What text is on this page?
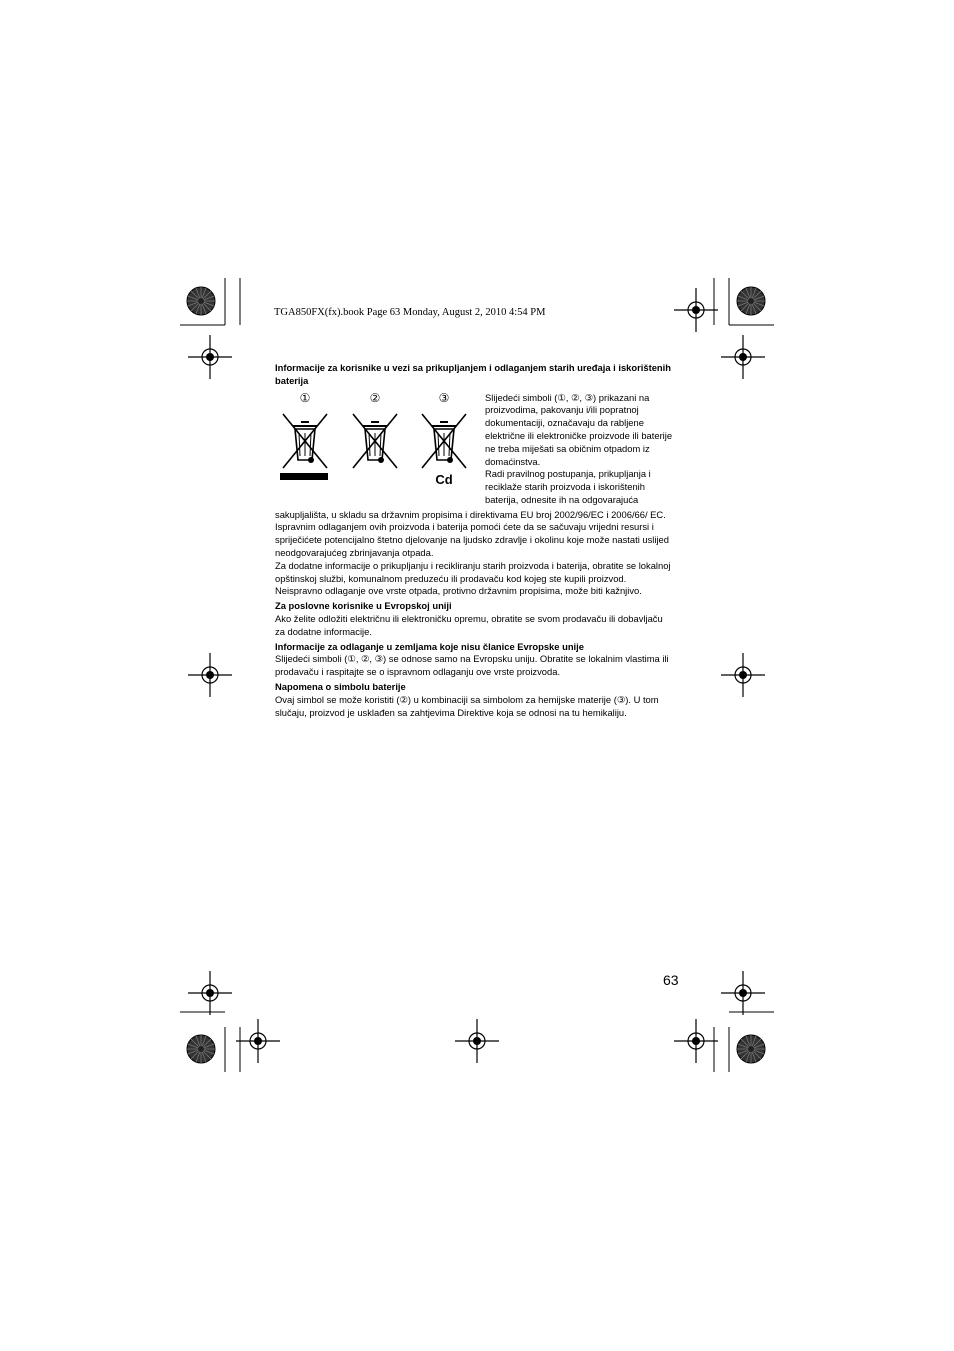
TGA850FX(fx).book Page 63 Monday, August 2, 2010 4:54 PM

Informacije za korisnike u vezi sa prikupljanjem i odlaganjem starih uređaja i iskorištenih baterija

①	②	③
Cd

Slijedeći simboli (①, ②, ③) prikazani na proizvodima, pakovanju i/ili popratnoj dokumentaciji, označavaju da rabljene električne ili elektroničke proizvode ili baterije ne treba miješati sa običnim otpadom iz domaćinstva.

Radi pravilnog postupanja, prikupljanja i reciklaže starih proizvoda i iskorištenih baterija, odnesite ih na odgovarajuća

sakupljališta, u skladu sa državnim propisima i direktivama EU broj 2002/96/EC i 2006/66/ EC.

Ispravnim odlaganjem ovih proizvoda i baterija pomoći ćete da se sačuvaju vrijedni resursi i spriječićete potencijalno štetno djelovanje na ljudsko zdravlje i okolinu koje može nastati uslijed neodgovarajućeg zbrinjavanja otpada.

Za dodatne informacije o prikupljanju i recikliranju starih proizvoda i baterija, obratite se lokalnoj opštinskoj službi, komunalnom preduzeću ili prodavaču kod kojeg ste kupili proizvod.

Neispravno odlaganje ove vrste otpada, protivno državnim propisima, može biti kažnjivo.

Za poslovne korisnike u Evropskoj uniji

Ako želite odložiti električnu ili elektroničku opremu, obratite se svom prodavaču ili dobavljaču za dodatne informacije.

Informacije za odlaganje u zemljama koje nisu članice Evropske unije

Slijedeći simboli (①, ②, ③) se odnose samo na Evropsku uniju. Obratite se lokalnim vlastima ili prodavaču i raspitajte se o ispravnom odlaganju ove vrste proizvoda.

Napomena o simbolu baterije

Ovaj simbol se može koristiti (②) u kombinaciji sa simbolom za hemijske materije (③). U tom slučaju, proizvod je usklađen sa zahtjevima Direktive koja se odnosi na tu hemikaliju.

63
